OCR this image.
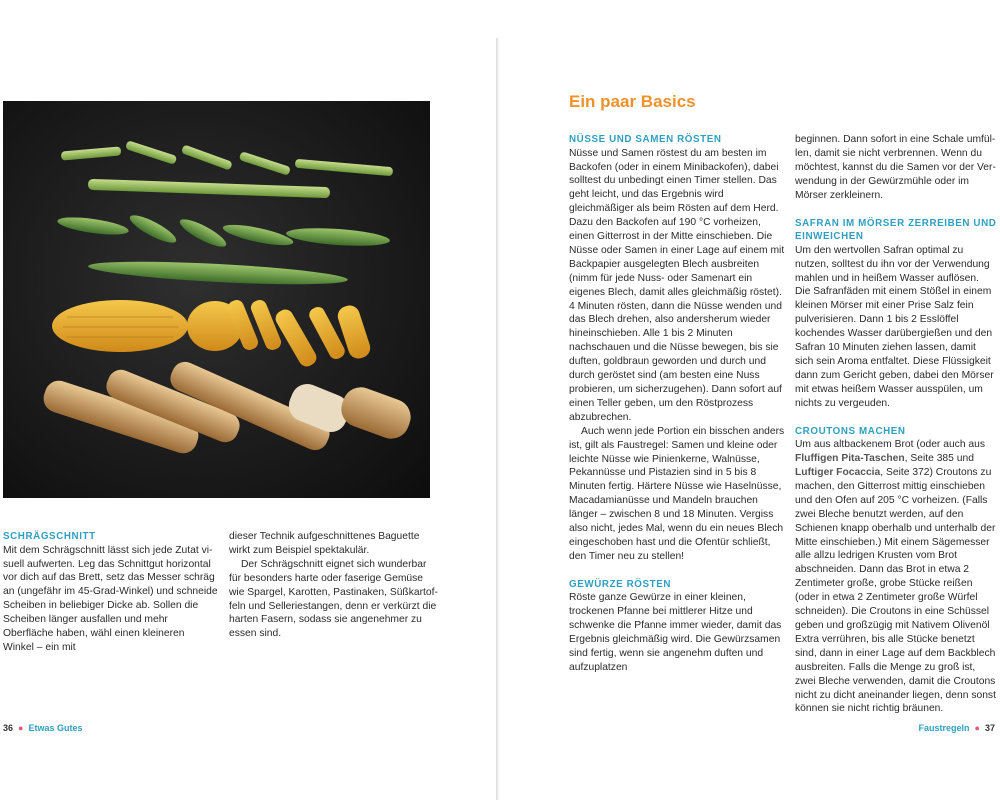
SCHRÄGSCHNITT

Mit dem Schrägschnitt lässt sich jede Zutat visuell aufwerten. Leg das Schnittgut horizontal vor dich auf das Brett, setz das Messer schräg an (ungefähr im 45-Grad-Winkel) und schneide Scheiben in beliebiger Dicke ab. Sollen die Scheiben länger ausfallen und mehr Oberfläche haben, wähl einen kleineren Winkel – ein mit

dieser Technik aufgeschnittenes Baguette wirkt zum Beispiel spektakulär.

Der Schrägschnitt eignet sich wunderbar für besonders harte oder faserige Gemüse wie Spargel, Karotten, Pastinaken, Süßkartoffeln und Selleriestangen, denn er verkürzt die harten Fasern, sodass sie angenehmer zu essen sind.

36 ● Etwas Gutes
Ein paar Basics
NÜSSE UND SAMEN RÖSTEN

Nüsse und Samen röstest du am besten im Backofen (oder in einem Minibackofen), dabei solltest du unbedingt einen Timer stellen. Das geht leicht, und das Ergebnis wird gleichmäßiger als beim Rösten auf dem Herd. Dazu den Backofen auf 190 °C vorheizen, einen Gitterrost in der Mitte einschieben. Die Nüsse oder Samen in einer Lage auf einem mit Backpapier ausgelegten Blech ausbreiten (nimm für jede Nuss- oder Samenart ein eigenes Blech, damit alles gleichmäßig röstet). 4 Minuten rösten, dann die Nüsse wenden und das Blech drehen, also andersherum wieder hineinschieben. Alle 1 bis 2 Minuten nachschauen und die Nüsse bewegen, bis sie duften, goldbraun geworden und durch und durch geröstet sind (am besten eine Nuss probieren, um sicherzugehen). Dann sofort auf einen Teller geben, um den Röstprozess abzubrechen.

Auch wenn jede Portion ein bisschen anders ist, gilt als Faustregel: Samen und kleine oder leichte Nüsse wie Pinienkerne, Walnüsse, Pekannüsse und Pistazien sind in 5 bis 8 Minuten fertig. Härtere Nüsse wie Haselnüsse, Macadamianüsse und Mandeln brauchen länger – zwischen 8 und 18 Minuten. Vergiss also nicht, jedes Mal, wenn du ein neues Blech eingeschoben hast und die Ofentür schließt, den Timer neu zu stellen!

GEWÜRZE RÖSTEN

Röste ganze Gewürze in einer kleinen, trockenen Pfanne bei mittlerer Hitze und schwenke die Pfanne immer wieder, damit das Ergebnis gleichmäßig wird. Die Gewürzsamen sind fertig, wenn sie angenehm duften und aufzuplatzen

beginnen. Dann sofort in eine Schale umfüllen, damit sie nicht verbrennen. Wenn du möchtest, kannst du die Samen vor der Verwendung in der Gewürzmühle oder im Mörser zerkleinern.

SAFRAN IM MÖRSER ZERREIBEN UND EINWEICHEN

Um den wertvollen Safran optimal zu nutzen, solltest du ihn vor der Verwendung mahlen und in heißem Wasser auflösen. Die Safranfäden mit einem Stößel in einem kleinen Mörser mit einer Prise Salz fein pulverisieren. Dann 1 bis 2 Esslöffel kochendes Wasser darübergießen und den Safran 10 Minuten ziehen lassen, damit sich sein Aroma entfaltet. Diese Flüssigkeit dann zum Gericht geben, dabei den Mörser mit etwas heißem Wasser ausspülen, um nichts zu vergeuden.

CROUTONS MACHEN

Um aus altbackenem Brot (oder auch aus Fluffigen Pita-Taschen, Seite 385 und Luftiger Focaccia, Seite 372) Croutons zu machen, den Gitterrost mittig einschieben und den Ofen auf 205 °C vorheizen. (Falls zwei Bleche benutzt werden, auf den Schienen knapp oberhalb und unterhalb der Mitte einschieben.) Mit einem Sägemesser alle allzu ledrigen Krusten vom Brot abschneiden. Dann das Brot in etwa 2 Zentimeter große, grobe Stücke reißen (oder in etwa 2 Zentimeter große Würfel schneiden). Die Croutons in eine Schüssel geben und großzügig mit Nativem Olivenöl Extra verrühren, bis alle Stücke benetzt sind, dann in einer Lage auf dem Backblech ausbreiten. Falls die Menge zu groß ist, zwei Bleche verwenden, damit die Croutons nicht zu dicht aneinander liegen, denn sonst können sie nicht richtig bräunen.

Faustregeln ● 37
